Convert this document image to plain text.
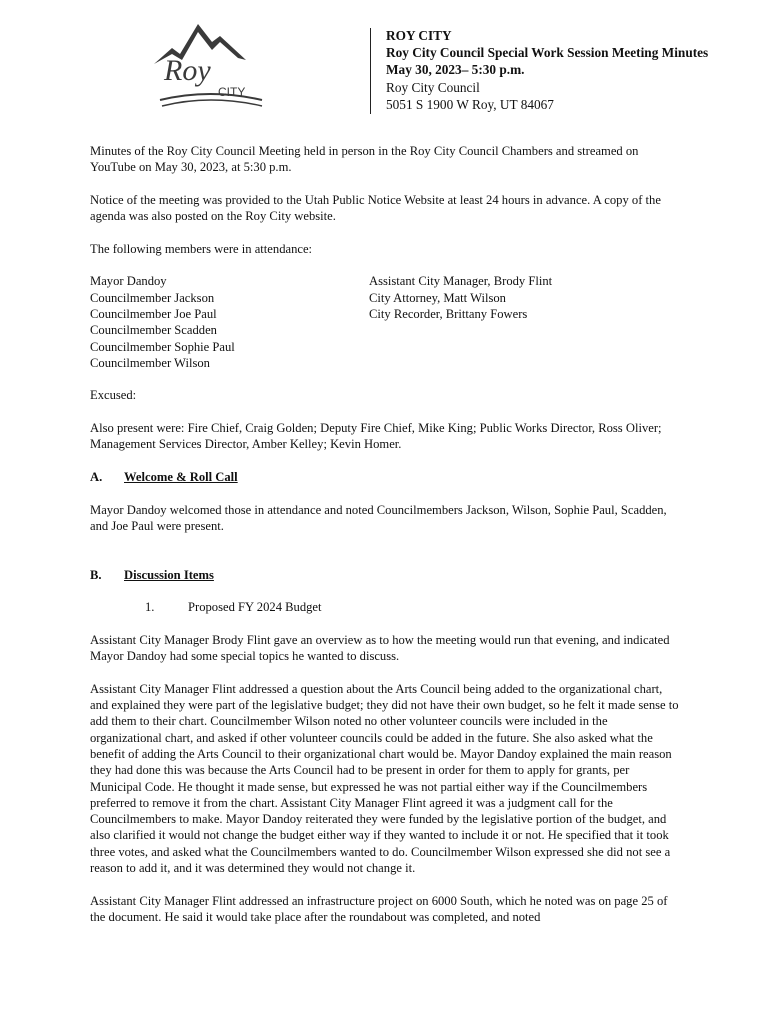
Roy
CITY
ROY CITY
Roy City Council Special Work Session Meeting Minutes
May 30, 2023– 5:30 p.m.
Roy City Council
5051 S 1900 W Roy, UT 84067

Minutes of the Roy City Council Meeting held in person in the Roy City Council Chambers and streamed on YouTube on May 30, 2023, at 5:30 p.m.

Notice of the meeting was provided to the Utah Public Notice Website at least 24 hours in advance. A copy of the agenda was also posted on the Roy City website.

The following members were in attendance:

Mayor Dandoy
Councilmember Jackson
Councilmember Joe Paul
Councilmember Scadden
Councilmember Sophie Paul
Councilmember Wilson
Assistant City Manager, Brody Flint
City Attorney, Matt Wilson
City Recorder, Brittany Fowers

Excused:

Also present were: Fire Chief, Craig Golden; Deputy Fire Chief, Mike King; Public Works Director, Ross Oliver; Management Services Director, Amber Kelley; Kevin Homer.

A. Welcome & Roll Call

Mayor Dandoy welcomed those in attendance and noted Councilmembers Jackson, Wilson, Sophie Paul, Scadden, and Joe Paul were present.

B. Discussion Items
1.	Proposed FY 2024 Budget

Assistant City Manager Brody Flint gave an overview as to how the meeting would run that evening, and indicated Mayor Dandoy had some special topics he wanted to discuss.

Assistant City Manager Flint addressed a question about the Arts Council being added to the organizational chart, and explained they were part of the legislative budget; they did not have their own budget, so he felt it made sense to add them to their chart. Councilmember Wilson noted no other volunteer councils were included in the organizational chart, and asked if other volunteer councils could be added in the future. She also asked what the benefit of adding the Arts Council to their organizational chart would be. Mayor Dandoy explained the main reason they had done this was because the Arts Council had to be present in order for them to apply for grants, per Municipal Code. He thought it made sense, but expressed he was not partial either way if the Councilmembers preferred to remove it from the chart. Assistant City Manager Flint agreed it was a judgment call for the Councilmembers to make. Mayor Dandoy reiterated they were funded by the legislative portion of the budget, and also clarified it would not change the budget either way if they wanted to include it or not. He specified that it took three votes, and asked what the Councilmembers wanted to do. Councilmember Wilson expressed she did not see a reason to add it, and it was determined they would not change it.

Assistant City Manager Flint addressed an infrastructure project on 6000 South, which he noted was on page 25 of the document. He said it would take place after the roundabout was completed, and noted
